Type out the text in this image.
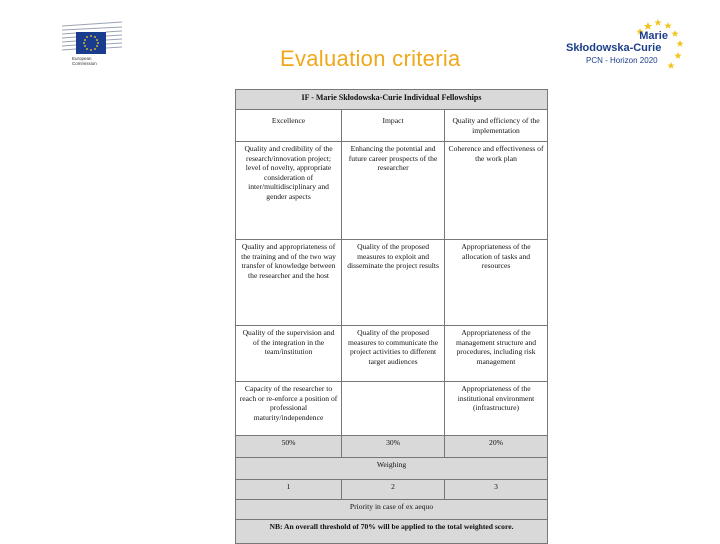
European
Commission	Evaluation criteria
Marie
Skłodowska-Curie
PCN - Horizon 2020
IF - Marie Skłodowska-Curie Individual Fellowships		
Excellence	Impact	Quality and efficiency of the implementation
Quality and credibility of the research/innovation project; level of novelty, appropriate consideration of inter/multidisciplinary and gender aspects	Enhancing the potential and future career prospects of the researcher	Coherence and effectiveness of the work plan
Quality and appropriateness of the training and of the two way transfer of knowledge between the researcher and the host	Quality of the proposed measures to exploit and disseminate the project results	Appropriateness of the allocation of tasks and resources
Quality of the supervision and of the integration in the team/institution	Quality of the proposed measures to communicate the project activities to different target audiences	Appropriateness of the management structure and procedures, including risk management
Capacity of the researcher to reach or re-enforce a position of professional maturity/independence		Appropriateness of the institutional environment (infrastructure)
50%	30%	20%
Weighing		
1	2	3
Priority in case of ex aequo		
NB: An overall threshold of 70% will be applied to the total weighted score.		
